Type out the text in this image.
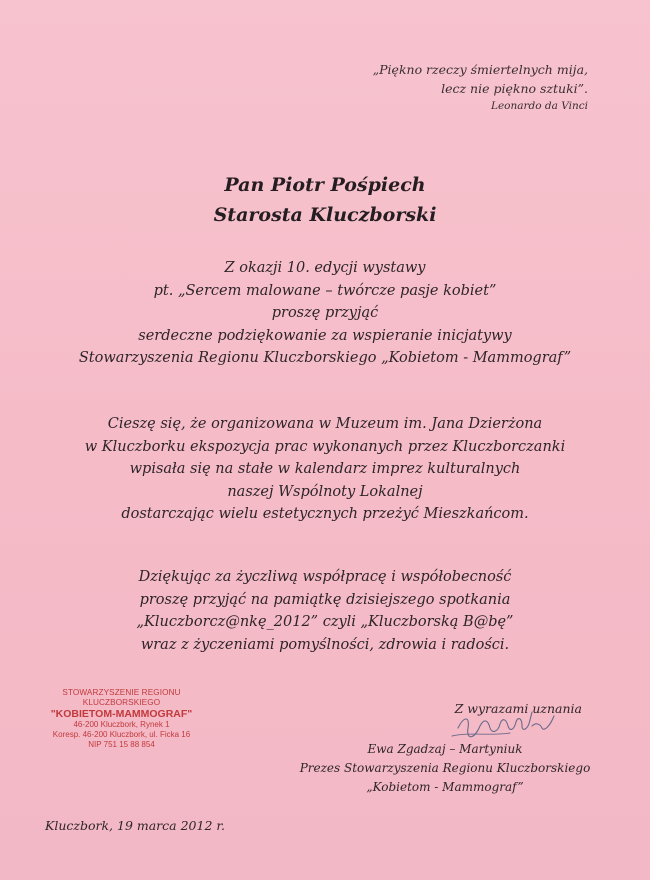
„Piękno rzeczy śmiertelnych mija,
lecz nie piękno sztuki”.
Leonardo da Vinci
Pan Piotr Pośpiech
Starosta Kluczborski
Z okazji 10. edycji wystawy
pt. „Sercem malowane – twórcze pasje kobiet”
proszę przyjąć
serdeczne podziękowanie za wspieranie inicjatywy
Stowarzyszenia Regionu Kluczborskiego „Kobietom - Mammograf”
Cieszę się, że organizowana w Muzeum im. Jana Dzierżona
w Kluczborku ekspozycja prac wykonanych przez Kluczborczanki
wpisała się na stałe w kalendarz imprez kulturalnych
naszej Wspólnoty Lokalnej
dostarczając wielu estetycznych przeżyć Mieszkańcom.
Dziękując za życzliwą współpracę i współobecność
proszę przyjąć na pamiątkę dzisiejszego spotkania
„Kluczborcz@nkę_2012” czyli „Kluczborską B@bę”
wraz z życzeniami pomyślności, zdrowia i radości.
STOWARZYSZENIE REGIONU KLUCZBORSKIEGO
"KOBIETOM-MAMMOGRAF"
46-200 Kluczbork, Rynek 1
Koresp. 46-200 Kluczbork, ul. Ficka 16
NIP 751 15 88 854
Z wyrazami uznania
Ewa Zgadzaj – Martyniuk
Prezes Stowarzyszenia Regionu Kluczborskiego
„Kobietom - Mammograf”
Kluczbork, 19 marca 2012 r.
